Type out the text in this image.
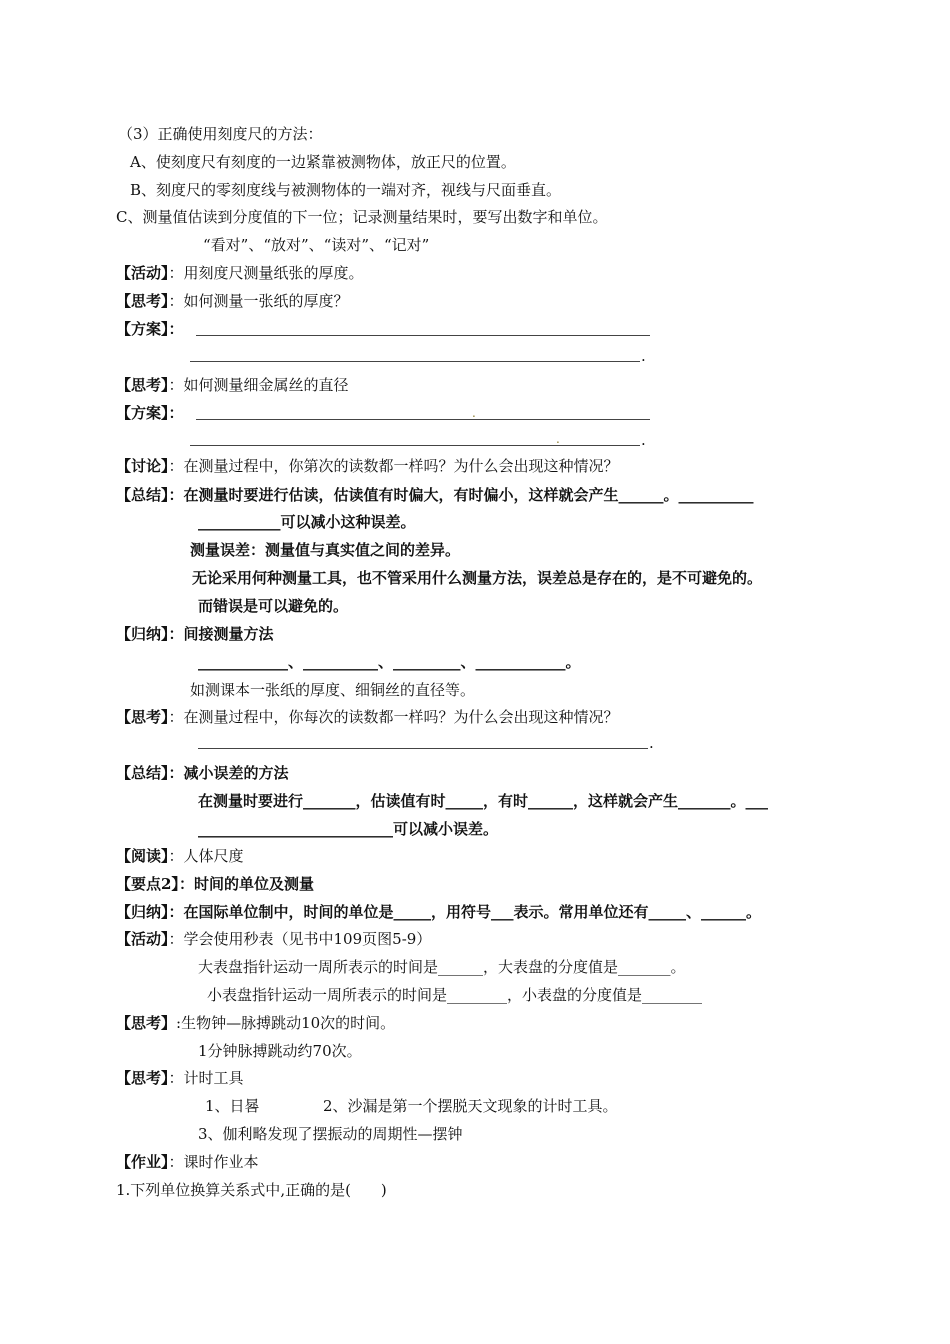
（3）正确使用刻度尺的方法：
A、使刻度尺有刻度的一边紧靠被测物体，放正尺的位置。
B、刻度尺的零刻度线与被测物体的一端对齐，视线与尺面垂直。
C、测量值估读到分度值的下一位；记录测量结果时，要写出数字和单位。
“看对”、“放对”、“读对”、“记对”
【活动】：用刻度尺测量纸张的厚度。
【思考】：如何测量一张纸的厚度？
【方案】：
.
【思考】：如何测量细金属丝的直径
【方案】：	.
.	.
【讨论】：在测量过程中，你第次的读数都一样吗？为什么会出现这种情况？
【总结】：在测量时要进行估读，估读值有时偏大，有时偏小，这样就会产生______。__________
___________可以减小这种误差。
测量误差：测量值与真实值之间的差异。
无论采用何种测量工具，也不管采用什么测量方法，误差总是存在的，是不可避免的。
而错误是可以避免的。
【归纳】：间接测量方法
____________、__________、_________、____________。
如测课本一张纸的厚度、细铜丝的直径等。
【思考】：在测量过程中，你每次的读数都一样吗？为什么会出现这种情况？
.
【总结】：减小误差的方法
在测量时要进行_______，估读值有时_____，有时______，这样就会产生_______。___
__________________________可以减小误差。
【阅读】：人体尺度
【要点2】：时间的单位及测量
【归纳】：在国际单位制中，时间的单位是_____，用符号___表示。常用单位还有_____、______。
【活动】：学会使用秒表（见书中109页图5-9）
大表盘指针运动一周所表示的时间是______，大表盘的分度值是_______。
小表盘指针运动一周所表示的时间是________，小表盘的分度值是________
【思考】:生物钟—脉搏跳动10次的时间。
1分钟脉搏跳动约70次。
【思考】：计时工具
1、日晷	2、沙漏是第一个摆脱天文现象的计时工具。
3、伽利略发现了摆振动的周期性—摆钟
【作业】：课时作业本
1.下列单位换算关系式中,正确的是(　　)
